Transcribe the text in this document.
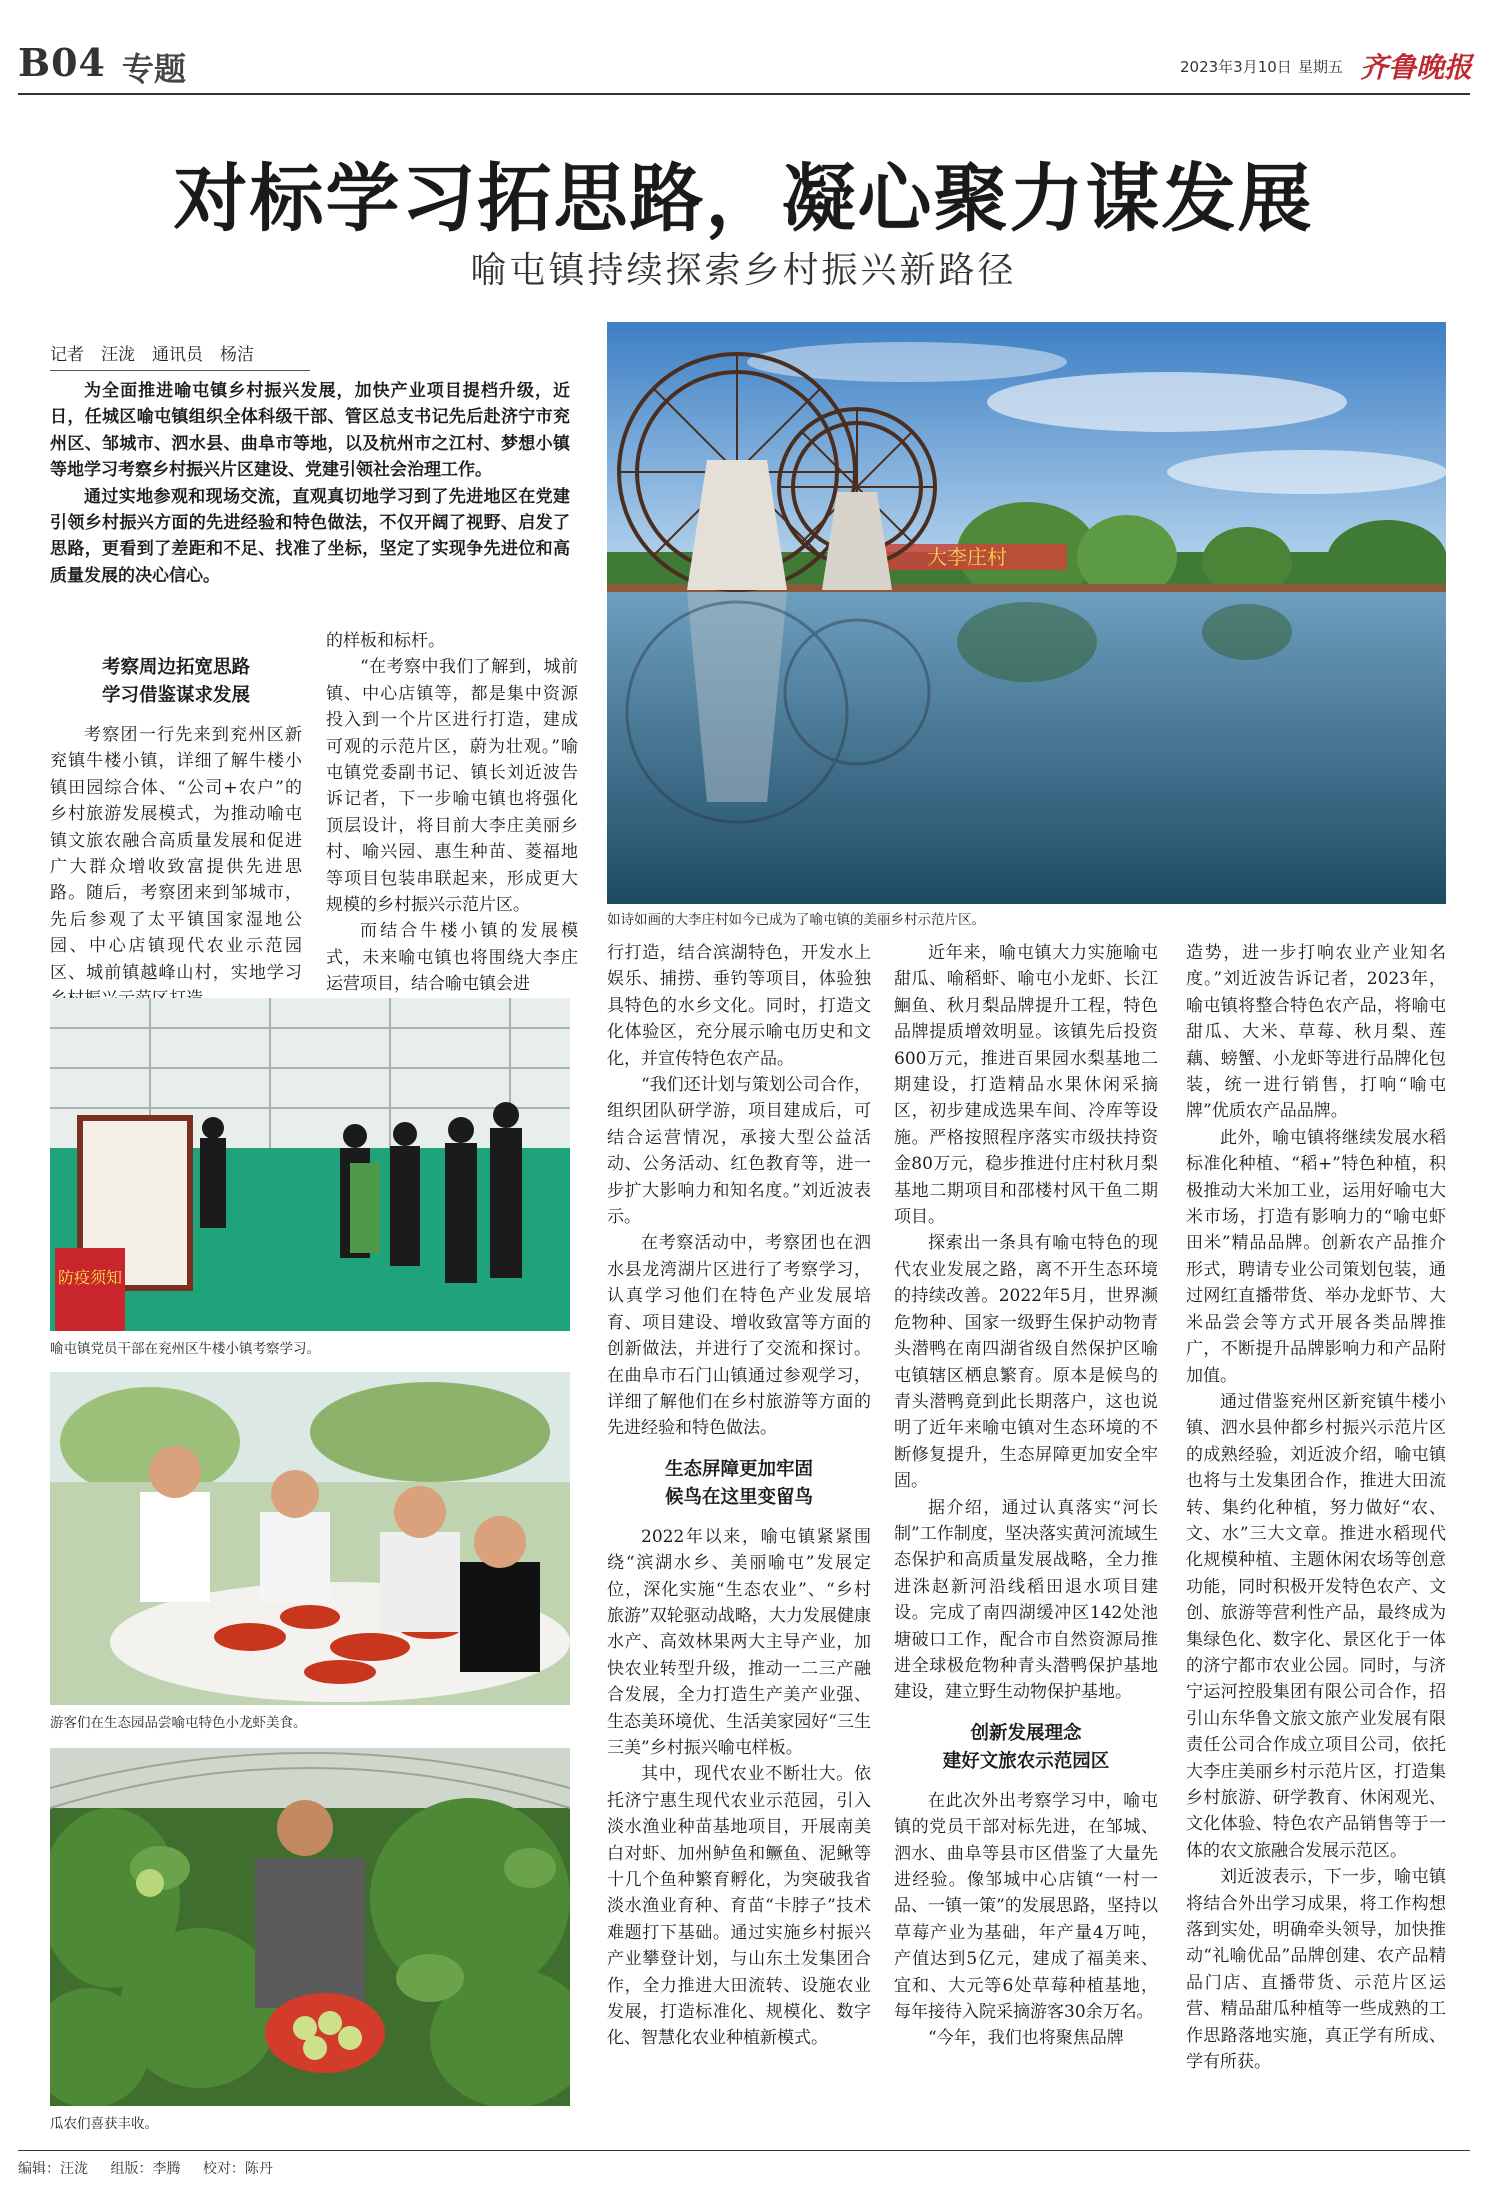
B04 专题	2023年3月10日 星期五 齐鲁晚报
对标学习拓思路，凝心聚力谋发展
喻屯镇持续探索乡村振兴新路径
记者　汪泷　通讯员　杨洁

为全面推进喻屯镇乡村振兴发展，加快产业项目提档升级，近日，任城区喻屯镇组织全体科级干部、管区总支书记先后赴济宁市兖州区、邹城市、泗水县、曲阜市等地，以及杭州市之江村、梦想小镇等地学习考察乡村振兴片区建设、党建引领社会治理工作。

通过实地参观和现场交流，直观真切地学习到了先进地区在党建引领乡村振兴方面的先进经验和特色做法，不仅开阔了视野、启发了思路，更看到了差距和不足、找准了坐标，坚定了实现争先进位和高质量发展的决心信心。

考察周边拓宽思路
学习借鉴谋求发展

考察团一行先来到兖州区新兖镇牛楼小镇，详细了解牛楼小镇田园综合体、“公司+农户”的乡村旅游发展模式，为推动喻屯镇文旅农融合高质量发展和促进广大群众增收致富提供先进思路。随后，考察团来到邹城市，先后参观了太平镇国家湿地公园、中心店镇现代农业示范园区、城前镇越峰山村，实地学习

的样板和标杆。

“在考察中我们了解到，城前镇、中心店镇等，都是集中资源投入到一个片区进行打造，建成可观的示范片区，蔚为壮观。”喻屯镇党委副书记、镇长刘近波告诉记者，下一步喻屯镇也将强化顶层设计，将目前大李庄美丽乡村、喻兴园、惠生种苗、菱福地等项目包装串联起来，形成更大规模的乡村振兴示范片区。

而结合牛楼小镇的发展模式，未来喻屯镇也将围绕大李庄运营项目，结合喻屯镇会进

大李庄村
如诗如画的大李庄村如今已成为了喻屯镇的美丽乡村示范片区。
防疫须知
喻屯镇党员干部在兖州区牛楼小镇考察学习。
游客们在生态园品尝喻屯特色小龙虾美食。
瓜农们喜获丰收。

行打造，结合滨湖特色，开发水上娱乐、捕捞、垂钓等项目，体验独具特色的水乡文化。同时，打造文化体验区，充分展示喻屯历史和文化，并宣传特色农产品。

“我们还计划与策划公司合作，组织团队研学游，项目建成后，可结合运营情况，承接大型公益活动、公务活动、红色教育等，进一步扩大影响力和知名度。”刘近波表示。

在考察活动中，考察团也在泗水县龙湾湖片区进行了考察学习，认真学习他们在特色产业发展培育、项目建设、增收致富等方面的创新做法，并进行了交流和探讨。在曲阜市石门山镇通过参观学习，详细了解他们在乡村旅游等方面的先进经验和特色做法。

生态屏障更加牢固
候鸟在这里变留鸟

2022年以来，喻屯镇紧紧围绕“滨湖水乡、美丽喻屯”发展定位，深化实施“生态农业”、“乡村旅游”双轮驱动战略，大力发展健康水产、高效林果两大主导产业，加快农业转型升级，推动一二三产融合发展，全力打造生产美产业强、生态美环境优、生活美家园好“三生三美”乡村振兴喻屯样板。

其中，现代农业不断壮大。依托济宁惠生现代农业示范园，引入淡水渔业种苗基地项目，开展南美白对虾、加州鲈鱼和鳜鱼、泥鳅等十几个鱼种繁育孵化，为突破我省淡水渔业育种、育苗“卡脖子”技术难题打下基础。通过实施乡村振兴产业攀登计划，与山东土发集团合作，全力推进大田流转、设施农业发展，打造标准化、规模化、数字化、智慧化农业种植新模式。

近年来，喻屯镇大力实施喻屯甜瓜、喻稻虾、喻屯小龙虾、长江鮰鱼、秋月梨品牌提升工程，特色品牌提质增效明显。该镇先后投资600万元，推进百果园水梨基地二期建设，打造精品水果休闲采摘区，初步建成选果车间、冷库等设施。严格按照程序落实市级扶持资金80万元，稳步推进付庄村秋月梨基地二期项目和邵楼村风干鱼二期项目。

探索出一条具有喻屯特色的现代农业发展之路，离不开生态环境的持续改善。2022年5月，世界濒危物种、国家一级野生保护动物青头潜鸭在南四湖省级自然保护区喻屯镇辖区栖息繁育。原本是候鸟的青头潜鸭竟到此长期落户，这也说明了近年来喻屯镇对生态环境的不断修复提升，生态屏障更加安全牢固。

据介绍，通过认真落实“河长制”工作制度，坚决落实黄河流域生态保护和高质量发展战略，全力推进洙赵新河沿线稻田退水项目建设。完成了南四湖缓冲区142处池塘破口工作，配合市自然资源局推进全球极危物种青头潜鸭保护基地建设，建立野生动物保护基地。

创新发展理念
建好文旅农示范园区

在此次外出考察学习中，喻屯镇的党员干部对标先进，在邹城、泗水、曲阜等县市区借鉴了大量先进经验。像邹城中心店镇“一村一品、一镇一策”的发展思路，坚持以草莓产业为基础，年产量4万吨，产值达到5亿元，建成了福美来、宜和、大元等6处草莓种植基地，每年接待入院采摘游客30余万名。

“今年，我们也将聚焦品牌

造势，进一步打响农业产业知名度。”刘近波告诉记者，2023年，喻屯镇将整合特色农产品，将喻屯甜瓜、大米、草莓、秋月梨、莲藕、螃蟹、小龙虾等进行品牌化包装，统一进行销售，打响“喻屯牌”优质农产品品牌。

此外，喻屯镇将继续发展水稻标准化种植、“稻+”特色种植，积极推动大米加工业，运用好喻屯大米市场，打造有影响力的“喻屯虾田米”精品品牌。创新农产品推介形式，聘请专业公司策划包装，通过网红直播带货、举办龙虾节、大米品尝会等方式开展各类品牌推广，不断提升品牌影响力和产品附加值。

通过借鉴兖州区新兖镇牛楼小镇、泗水县仲都乡村振兴示范片区的成熟经验，刘近波介绍，喻屯镇也将与土发集团合作，推进大田流转、集约化种植，努力做好“农、文、水”三大文章。推进水稻现代化规模种植、主题休闲农场等创意功能，同时积极开发特色农产、文创、旅游等营利性产品，最终成为集绿色化、数字化、景区化于一体的济宁都市农业公园。同时，与济宁运河控股集团有限公司合作，招引山东华鲁文旅文旅产业发展有限责任公司合作成立项目公司，依托大李庄美丽乡村示范片区，打造集乡村旅游、研学教育、休闲观光、文化体验、特色农产品销售等于一体的农文旅融合发展示范区。

刘近波表示，下一步，喻屯镇将结合外出学习成果，将工作构想落到实处，明确牵头领导，加快推动“礼喻优品”品牌创建、农产品精品门店、直播带货、示范片区运营、精品甜瓜种植等一些成熟的工作思路落地实施，真正学有所成、学有所获。

编辑：汪泷 组版：李腾 校对：陈丹
